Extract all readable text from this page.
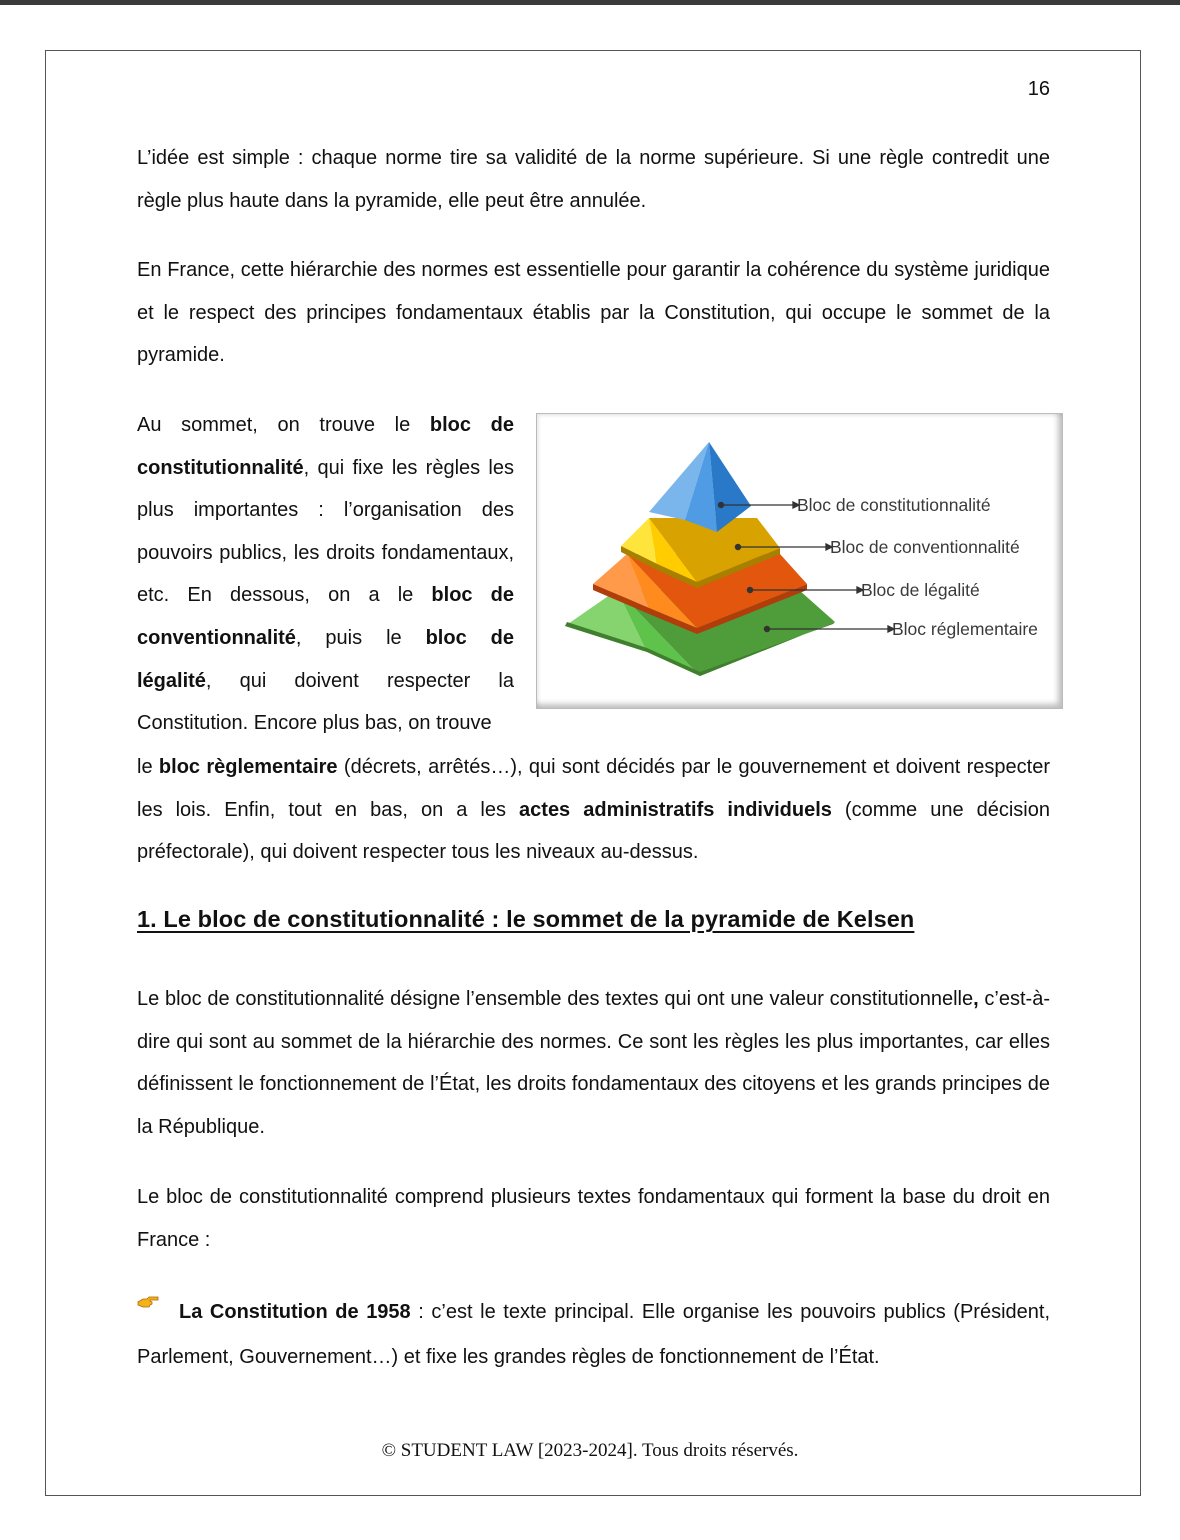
16
L’idée est simple : chaque norme tire sa validité de la norme supérieure. Si une règle contredit une règle plus haute dans la pyramide, elle peut être annulée.
En France, cette hiérarchie des normes est essentielle pour garantir la cohérence du système juridique et le respect des principes fondamentaux établis par la Constitution, qui occupe le sommet de la pyramide.
Au sommet, on trouve le bloc de constitutionnalité, qui fixe les règles les plus importantes : l’organisation des pouvoirs publics, les droits fondamentaux, etc. En dessous, on a le bloc de conventionnalité, puis le bloc de légalité, qui doivent respecter la Constitution. Encore plus bas, on trouve
le bloc règlementaire (décrets, arrêtés…), qui sont décidés par le gouvernement et doivent respecter les lois. Enfin, tout en bas, on a les actes administratifs individuels (comme une décision préfectorale), qui doivent respecter tous les niveaux au-dessus.
Bloc de constitutionnalité
Bloc de conventionnalité
Bloc de légalité
Bloc réglementaire
1. Le bloc de constitutionnalité : le sommet de la pyramide de Kelsen
Le bloc de constitutionnalité désigne l’ensemble des textes qui ont une valeur constitutionnelle, c’est-à-dire qui sont au sommet de la hiérarchie des normes. Ce sont les règles les plus importantes, car elles définissent le fonctionnement de l’État, les droits fondamentaux des citoyens et les grands principes de la République.
Le bloc de constitutionnalité comprend plusieurs textes fondamentaux qui forment la base du droit en France :
La Constitution de 1958 : c’est le texte principal. Elle organise les pouvoirs publics (Président, Parlement, Gouvernement…) et fixe les grandes règles de fonctionnement de l’État.
© STUDENT LAW [2023-2024]. Tous droits réservés.
